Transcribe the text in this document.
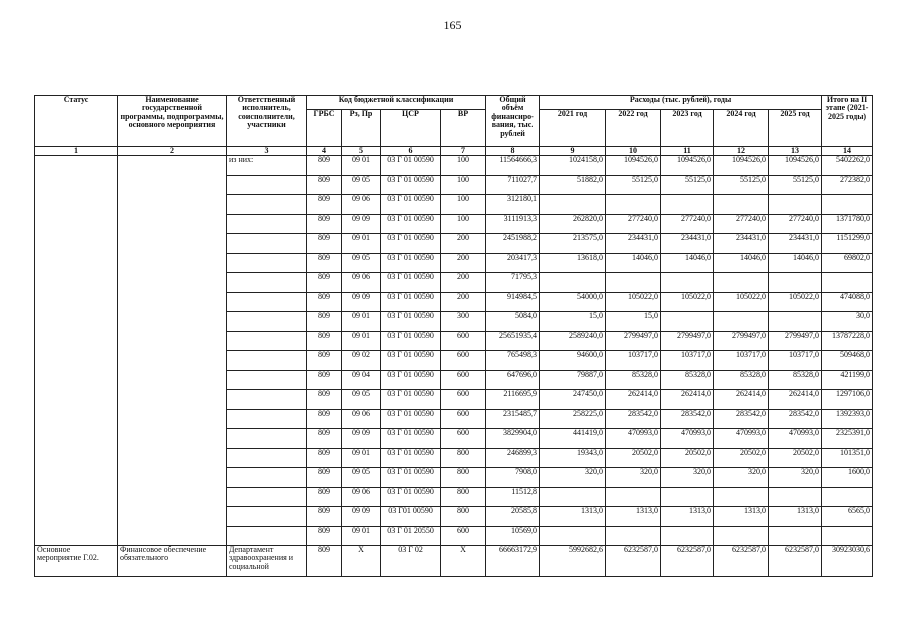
165
Статус	Наименование государственной программы, подпрограммы, основного мероприятия	Ответственный исполнитель, соисполнители, участники	Код бюджетной классификации				Общий объём финансиро-вания, тыс. рублей	Расходы (тыс. рублей), годы					Итого на II этапе (2021-2025 годы)
			ГРБС	Рз, Пр	ЦСР	ВР		2021 год	2022 год	2023 год	2024 год	2025 год	
1	2	3	4	5	6	7	8	9	10	11	12	13	14
		из них:	809	09 01	03 Г 01 00590	100	11564666,3	1024158,0	1094526,0	1094526,0	1094526,0	1094526,0	5402262,0
			809	09 05	03 Г 01 00590	100	711027,7	51882,0	55125,0	55125,0	55125,0	55125,0	272382,0
			809	09 06	03 Г 01 00590	100	312180,1						
			809	09 09	03 Г 01 00590	100	3111913,3	262820,0	277240,0	277240,0	277240,0	277240,0	1371780,0
			809	09 01	03 Г 01 00590	200	2451988,2	213575,0	234431,0	234431,0	234431,0	234431,0	1151299,0
			809	09 05	03 Г 01 00590	200	203417,3	13618,0	14046,0	14046,0	14046,0	14046,0	69802,0
			809	09 06	03 Г 01 00590	200	71795,3						
			809	09 09	03 Г 01 00590	200	914984,5	54000,0	105022,0	105022,0	105022,0	105022,0	474088,0
			809	09 01	03 Г 01 00590	300	5084,0	15,0	15,0				30,0
			809	09 01	03 Г 01 00590	600	25651935,4	2589240,0	2799497,0	2799497,0	2799497,0	2799497,0	13787228,0
			809	09 02	03 Г 01 00590	600	765498,3	94600,0	103717,0	103717,0	103717,0	103717,0	509468,0
			809	09 04	03 Г 01 00590	600	647696,0	79887,0	85328,0	85328,0	85328,0	85328,0	421199,0
			809	09 05	03 Г 01 00590	600	2116695,9	247450,0	262414,0	262414,0	262414,0	262414,0	1297106,0
			809	09 06	03 Г 01 00590	600	2315485,7	258225,0	283542,0	283542,0	283542,0	283542,0	1392393,0
			809	09 09	03 Г 01 00590	600	3829904,0	441419,0	470993,0	470993,0	470993,0	470993,0	2325391,0
			809	09 01	03 Г 01 00590	800	246899,3	19343,0	20502,0	20502,0	20502,0	20502,0	101351,0
			809	09 05	03 Г 01 00590	800	7908,0	320,0	320,0	320,0	320,0	320,0	1600,0
			809	09 06	03 Г 01 00590	800	11512,8						
			809	09 09	03 Г01 00590	800	20585,8	1313,0	1313,0	1313,0	1313,0	1313,0	6565,0
			809	09 01	03 Г 01 20550	600	10569,0						
Основное мероприятие Г.02.	Финансовое обеспечение обязательного	Департамент здравоохранения и социальной	809	Х	03 Г 02	Х	66663172,9	5992682,6	6232587,0	6232587,0	6232587,0	6232587,0	30923030,6
